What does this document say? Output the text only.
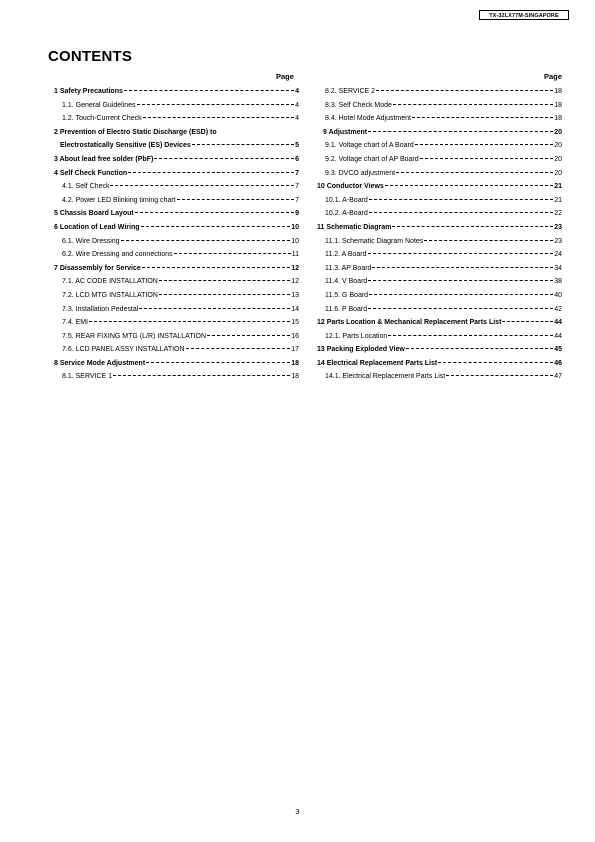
TX-32LX77M-SINGAPORE
CONTENTS
Page	Page
1 Safety Precautions	4
1.1. General Guidelines	4
1.2. Touch-Current Check	4
2 Prevention of Electro Static Discharge (ESD) to
Electrostatically Sensitive (ES) Devices	5
3 About lead free solder (PbF)	6
4 Self Check Function	7
4.1. Self Check	7
4.2. Power LED Blinking timing chart	7
5 Chassis Board Layout	9
6 Location of Lead Wiring	10
6.1. Wire Dressing	10
6.2. Wire Dressing and connections	11
7 Disassembly for Service	12
7.1. AC CODE INSTALLATION	12
7.2. LCD MTG INSTALLATION	13
7.3. Installation Pedestal	14
7.4. EMI	15
7.5. REAR FIXING MTG (L/R) INSTALLATION	16
7.6. LCD PANEL ASSY INSTALLATION	17
8 Service Mode Adjustment	18
8.1. SERVICE 1	18
8.2. SERVICE 2	18
8.3. Self Check Mode	18
8.4. Hotel Mode Adjustment	18
9 Adjustment	20
9.1. Voltage chart of A Board	20
9.2. Voltage chart of AP Board	20
9.3. DVCO adjustment	20
10 Conductor Views	21
10.1. A-Board	21
10.2. A-Board	22
11 Schematic Diagram	23
11.1. Schematic Diagram Notes	23
11.2. A Board	24
11.3. AP Board	34
11.4. V Board	38
11.5. G Board	40
11.6. P Board	42
12 Parts Location & Mechanical Replacement Parts List	44
12.1. Parts Location	44
13 Packing Exploded View	45
14 Electrical Replacement Parts List	46
14.1. Electrical Replacement Parts List	47
3
